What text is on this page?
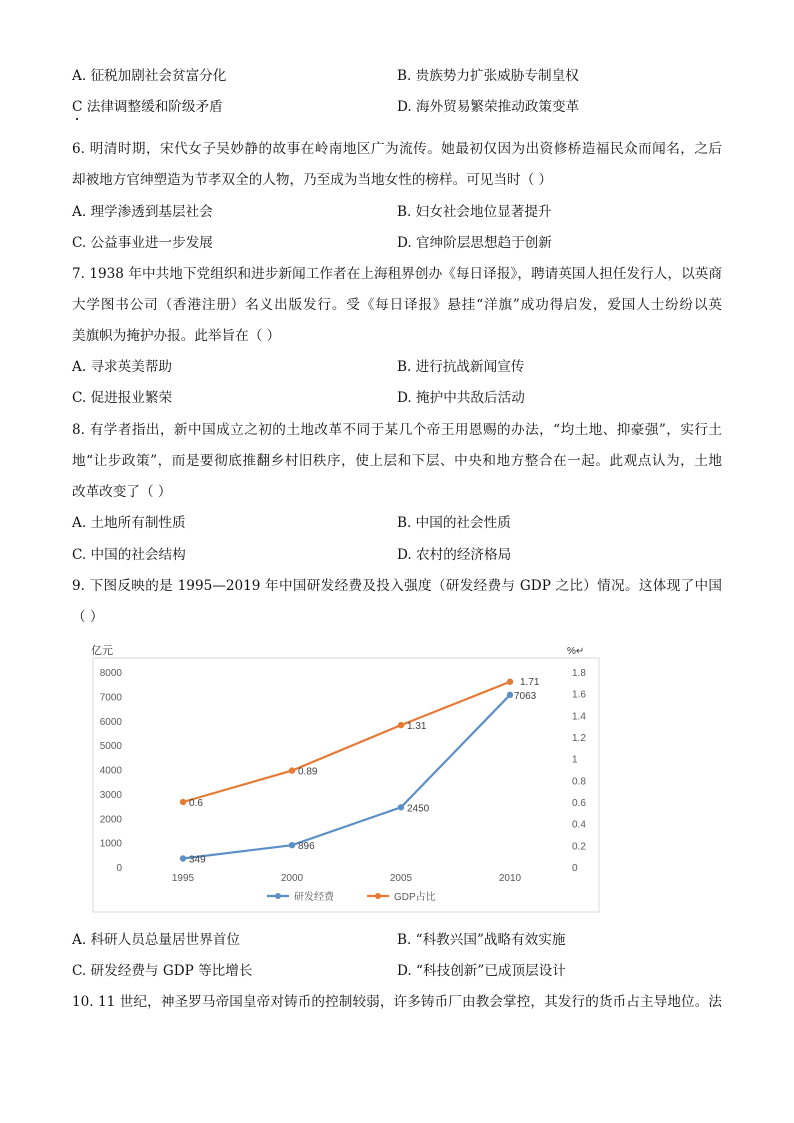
A. 征税加剧社会贫富分化	B. 贵族势力扩张威胁专制皇权
C 法律调整缓和阶级矛盾	D. 海外贸易繁荣推动政策变革
6. 明清时期，宋代女子吴妙静的故事在岭南地区广为流传。她最初仅因为出资修桥造福民众而闻名，之后
却被地方官绅塑造为节孝双全的人物，乃至成为当地女性的榜样。可见当时（ ）
A. 理学渗透到基层社会	B. 妇女社会地位显著提升
C. 公益事业进一步发展	D. 官绅阶层思想趋于创新
7. 1938 年中共地下党组织和进步新闻工作者在上海租界创办《每日译报》，聘请英国人担任发行人，以英商
大学图书公司（香港注册）名义出版发行。受《每日译报》悬挂“洋旗”成功得启发，爱国人士纷纷以英
美旗帜为掩护办报。此举旨在（ ）
A. 寻求英美帮助	B. 进行抗战新闻宣传
C. 促进报业繁荣	D. 掩护中共敌后活动
8. 有学者指出，新中国成立之初的土地改革不同于某几个帝王用恩赐的办法，“均土地、抑豪强”，实行土
地“让步政策”，而是要彻底推翻乡村旧秩序，使上层和下层、中央和地方整合在一起。此观点认为，土地
改革改变了（ ）
A. 土地所有制性质	B. 中国的社会性质
C. 中国的社会结构	D. 农村的经济格局
9. 下图反映的是 1995—2019 年中国研发经费及投入强度（研发经费与 GDP 之比）情况。这体现了中国
（ ）
亿元	%↵
0
1000
2000
3000
4000
5000
6000
7000
8000
0
0.2
0.4
0.6
0.8
1
1.2
1.4
1.6
1.8
1995	2000	2005	2010
349
896
2450
7063
0.6
0.89
1.31
1.71
研发经费	GDP占比
A. 科研人员总量居世界首位	B. “科教兴国”战略有效实施
C. 研发经费与 GDP 等比增长	D. “科技创新”已成顶层设计
10. 11 世纪，神圣罗马帝国皇帝对铸币的控制较弱，许多铸币厂由教会掌控，其发行的货币占主导地位。法
